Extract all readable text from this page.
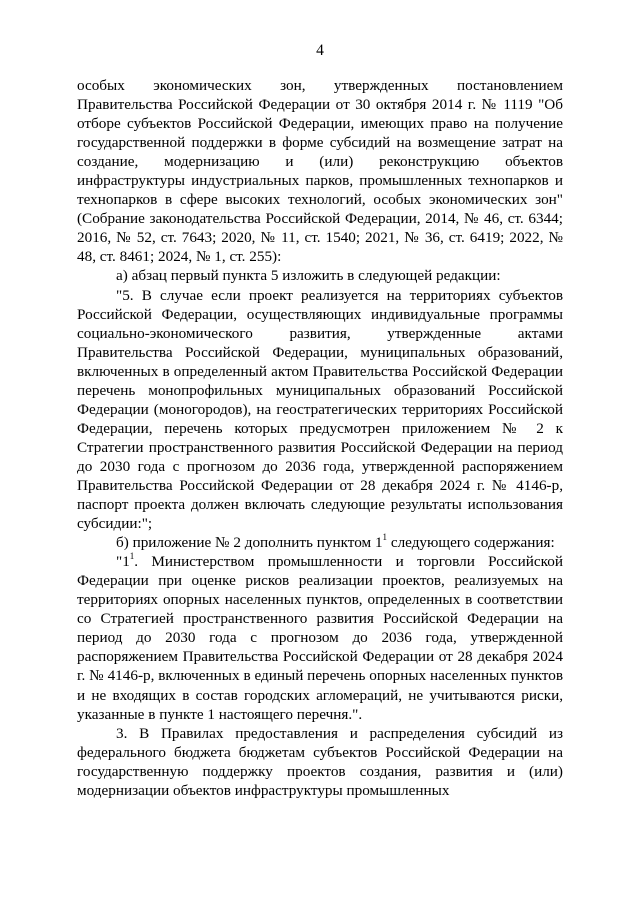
4

особых экономических зон, утвержденных постановлением Правительства Российской Федерации от 30 октября 2014 г. № 1119 "Об отборе субъектов Российской Федерации, имеющих право на получение государственной поддержки в форме субсидий на возмещение затрат на создание, модернизацию и (или) реконструкцию объектов инфраструктуры индустриальных парков, промышленных технопарков и технопарков в сфере высоких технологий, особых экономических зон" (Собрание законодательства Российской Федерации, 2014, № 46, ст. 6344; 2016, № 52, ст. 7643; 2020, № 11, ст. 1540; 2021, № 36, ст. 6419; 2022, № 48, ст. 8461; 2024, № 1, ст. 255):

а) абзац первый пункта 5 изложить в следующей редакции:

"5. В случае если проект реализуется на территориях субъектов Российской Федерации, осуществляющих индивидуальные программы социально-экономического развития, утвержденные актами Правительства Российской Федерации, муниципальных образований, включенных в определенный актом Правительства Российской Федерации перечень монопрофильных муниципальных образований Российской Федерации (моногородов), на геостратегических территориях Российской Федерации, перечень которых предусмотрен приложением № 2 к Стратегии пространственного развития Российской Федерации на период до 2030 года с прогнозом до 2036 года, утвержденной распоряжением Правительства Российской Федерации от 28 декабря 2024 г. № 4146-р, паспорт проекта должен включать следующие результаты использования субсидии:";

б) приложение № 2 дополнить пунктом $1^1$ следующего содержания:

"$1^1$. Министерством промышленности и торговли Российской Федерации при оценке рисков реализации проектов, реализуемых на территориях опорных населенных пунктов, определенных в соответствии со Стратегией пространственного развития Российской Федерации на период до 2030 года с прогнозом до 2036 года, утвержденной распоряжением Правительства Российской Федерации от 28 декабря 2024 г. № 4146-р, включенных в единый перечень опорных населенных пунктов и не входящих в состав городских агломераций, не учитываются риски, указанные в пункте 1 настоящего перечня.".

3. В Правилах предоставления и распределения субсидий из федерального бюджета бюджетам субъектов Российской Федерации на государственную поддержку проектов создания, развития и (или) модернизации объектов инфраструктуры промышленных
